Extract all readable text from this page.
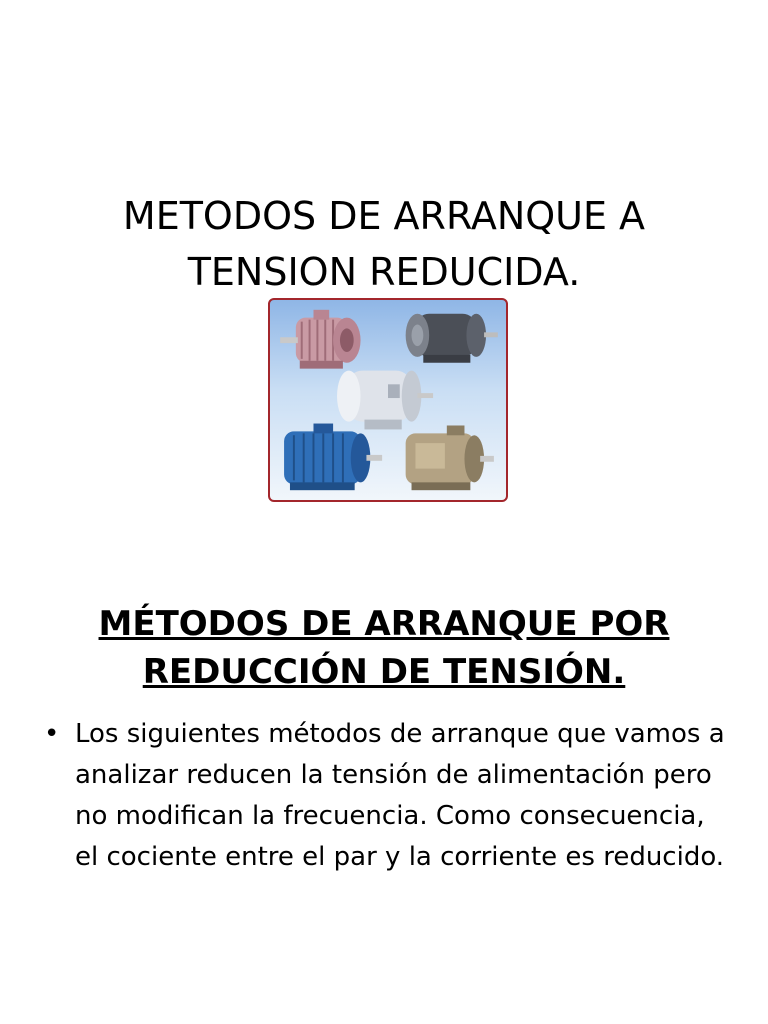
METODOS DE ARRANQUE A
TENSION REDUCIDA.
MÉTODOS DE ARRANQUE POR
REDUCCIÓN DE TENSIÓN.
• Los siguientes métodos de arranque que vamos a analizar reducen la tensión de alimentación pero no modifican la frecuencia. Como consecuencia, el cociente entre el par y la corriente es reducido.
